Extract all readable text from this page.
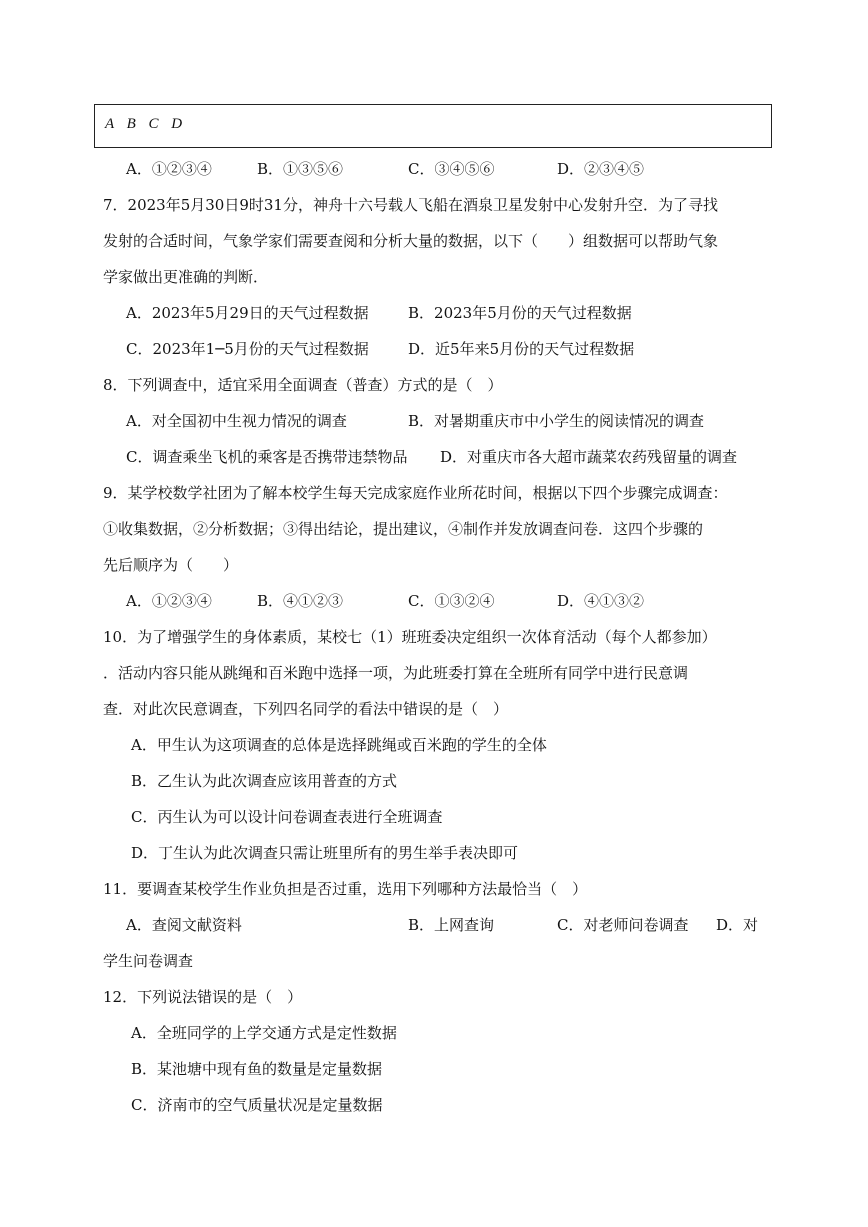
A B C D
A．①②③④	B．①③⑤⑥	C．③④⑤⑥	D．②③④⑤
7．2023年5月30日9时31分，神舟十六号载人飞船在酒泉卫星发射中心发射升空．为了寻找
发射的合适时间，气象学家们需要查阅和分析大量的数据，以下（　　）组数据可以帮助气象
学家做出更准确的判断．
A．2023年5月29日的天气过程数据	B．2023年5月份的天气过程数据
C．2023年1─5月份的天气过程数据	D．近5年来5月份的天气过程数据
8．下列调查中，适宜采用全面调查（普查）方式的是（　）
A．对全国初中生视力情况的调查	B．对暑期重庆市中小学生的阅读情况的调查
C．调查乘坐飞机的乘客是否携带违禁物品 D．对重庆市各大超市蔬菜农药残留量的调查
9．某学校数学社团为了解本校学生每天完成家庭作业所花时间，根据以下四个步骤完成调查：
①收集数据，②分析数据；③得出结论，提出建议，④制作并发放调查问卷．这四个步骤的
先后顺序为（　　）
A．①②③④	B．④①②③	C．①③②④	D．④①③②
10．为了增强学生的身体素质，某校七（1）班班委决定组织一次体育活动（每个人都参加）
．活动内容只能从跳绳和百米跑中选择一项，为此班委打算在全班所有同学中进行民意调
查．对此次民意调查，下列四名同学的看法中错误的是（　）
A．甲生认为这项调查的总体是选择跳绳或百米跑的学生的全体
B．乙生认为此次调查应该用普查的方式
C．丙生认为可以设计问卷调查表进行全班调查
D．丁生认为此次调查只需让班里所有的男生举手表决即可
11．要调查某校学生作业负担是否过重，选用下列哪种方法最恰当（　）
A．查阅文献资料	B．上网查询	C．对老师问卷调查 D．对
学生问卷调查
12．下列说法错误的是（　）
A．全班同学的上学交通方式是定性数据
B．某池塘中现有鱼的数量是定量数据
C．济南市的空气质量状况是定量数据
